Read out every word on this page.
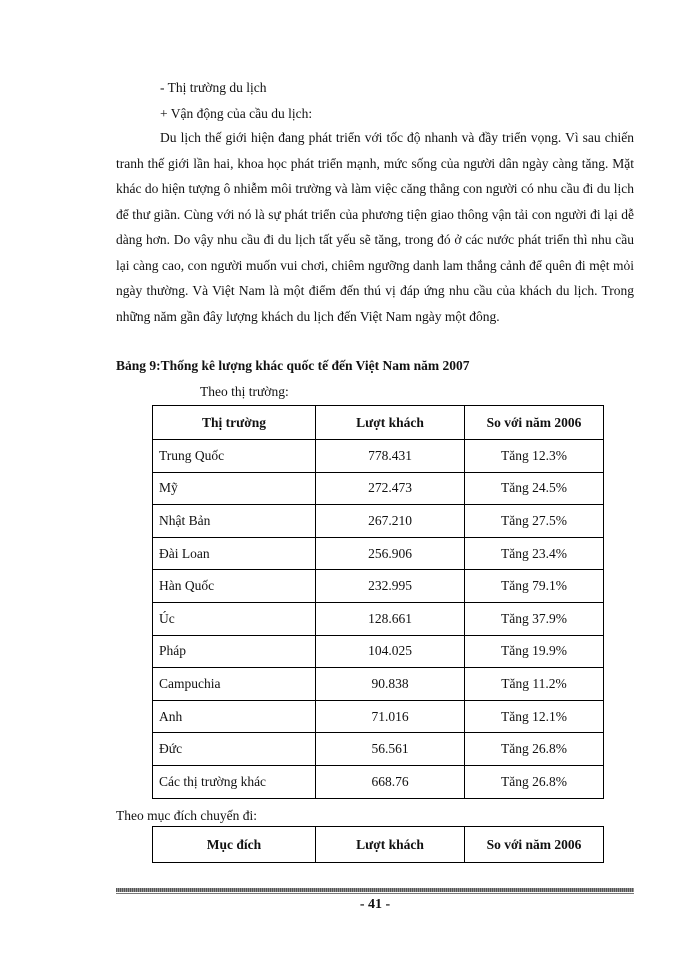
- Thị trường du lịch
+ Vận động của cầu du lịch:
Du lịch thế giới hiện đang phát triển với tốc độ nhanh và đầy triển vọng. Vì sau chiến tranh thế giới lần hai, khoa học phát triển mạnh, mức sống của người dân ngày càng tăng. Mặt khác do hiện tượng ô nhiễm môi trường và làm việc căng thẳng con người có nhu cầu đi du lịch để thư giãn. Cùng với nó là sự phát triển của phương tiện giao thông vận tải con người đi lại dễ dàng hơn. Do vậy nhu cầu đi du lịch tất yếu sẽ tăng, trong đó ở các nước phát triển thì nhu cầu lại càng cao, con người muốn vui chơi, chiêm ngưỡng danh lam thắng cảnh để quên đi mệt mỏi ngày thường. Và Việt Nam là một điểm đến thú vị đáp ứng nhu cầu của khách du lịch. Trong những năm gần đây lượng khách du lịch đến Việt Nam ngày một đông.
Bảng 9:Thống kê lượng khác quốc tế đến Việt Nam năm 2007
Theo thị trường:
Thị trường	Lượt khách	So với năm 2006
Trung Quốc	778.431	Tăng 12.3%
Mỹ	272.473	Tăng 24.5%
Nhật Bản	267.210	Tăng 27.5%
Đài Loan	256.906	Tăng 23.4%
Hàn Quốc	232.995	Tăng 79.1%
Úc	128.661	Tăng 37.9%
Pháp	104.025	Tăng 19.9%
Campuchia	90.838	Tăng 11.2%
Anh	71.016	Tăng 12.1%
Đức	56.561	Tăng 26.8%
Các thị trường khác	668.76	Tăng 26.8%
Theo mục đích chuyến đi:
Mục đích	Lượt khách	So với năm 2006
- 41 -
